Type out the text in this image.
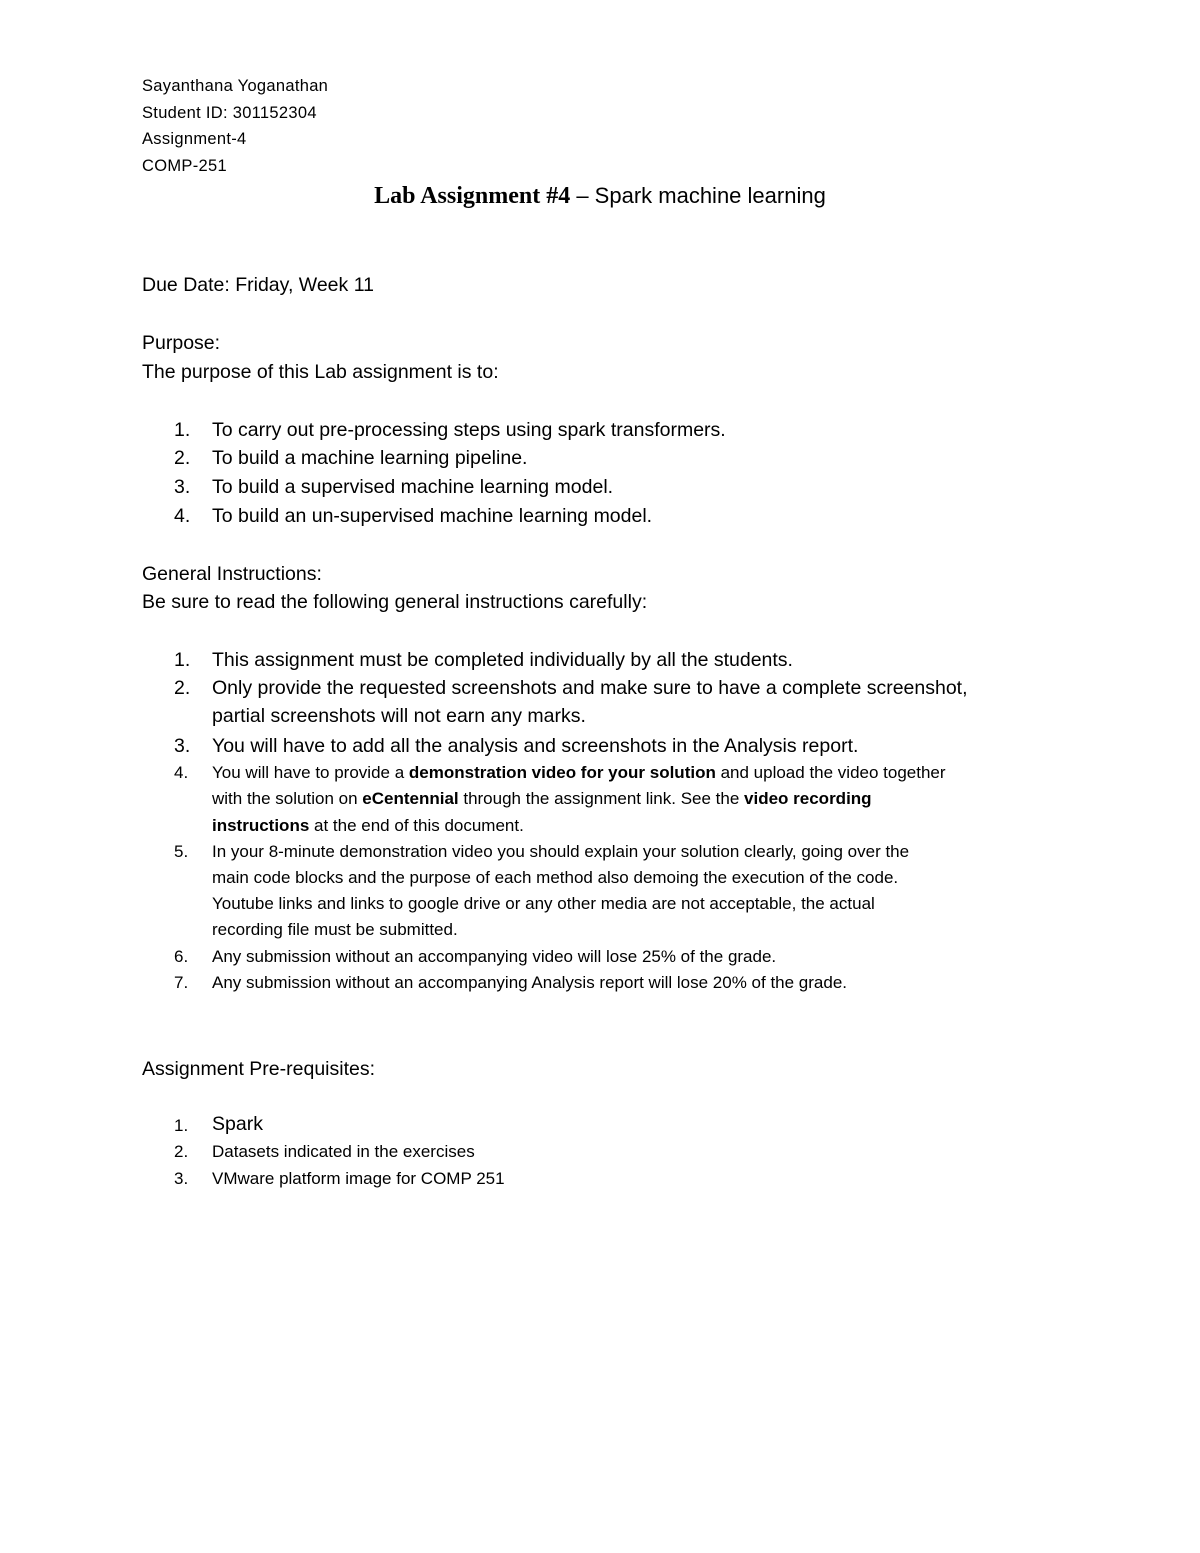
Sayanthana Yoganathan
Student ID: 301152304
Assignment-4
COMP-251
Lab Assignment #4 – Spark machine learning
Due Date: Friday, Week 11
Purpose:
The purpose of this Lab assignment is to:
1. To carry out pre-processing steps using spark transformers.
2. To build a machine learning pipeline.
3. To build a supervised machine learning model.
4. To build an un-supervised machine learning model.
General Instructions:
Be sure to read the following general instructions carefully:
1. This assignment must be completed individually by all the students.
2. Only provide the requested screenshots and make sure to have a complete screenshot,
partial screenshots will not earn any marks.
3. You will have to add all the analysis and screenshots in the Analysis report.
4. You will have to provide a demonstration video for your solution and upload the video together
with the solution on eCentennial through the assignment link. See the video recording
instructions at the end of this document.
5. In your 8-minute demonstration video you should explain your solution clearly, going over the
main code blocks and the purpose of each method also demoing the execution of the code.
Youtube links and links to google drive or any other media are not acceptable, the actual
recording file must be submitted.
6. Any submission without an accompanying video will lose 25% of the grade.
7. Any submission without an accompanying Analysis report will lose 20% of the grade.
Assignment Pre-requisites:
1. Spark
2. Datasets indicated in the exercises
3. VMware platform image for COMP 251
